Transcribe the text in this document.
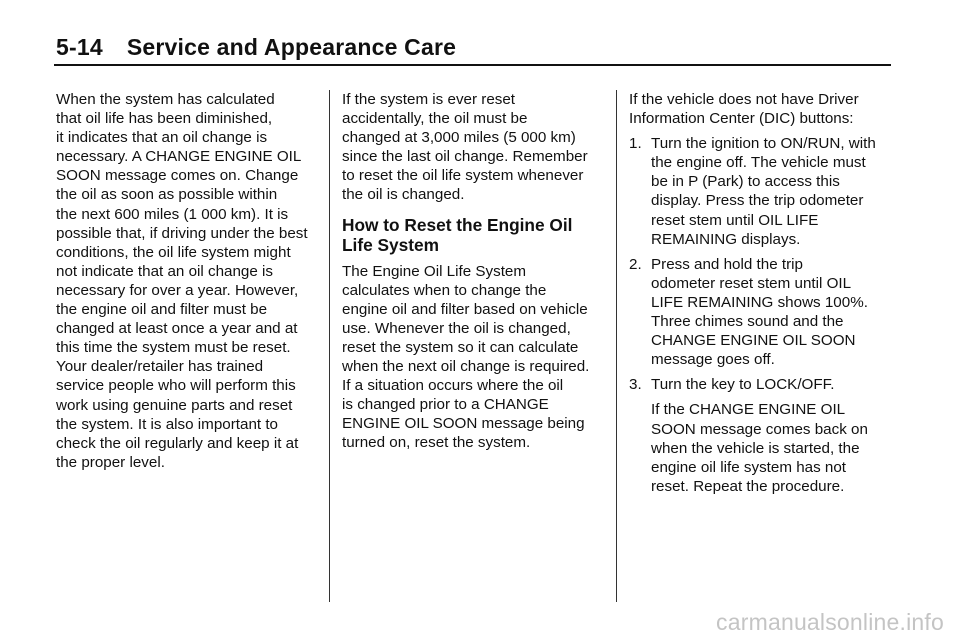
5-14 Service and Appearance Care

When the system has calculated
that oil life has been diminished,
it indicates that an oil change is
necessary. A CHANGE ENGINE OIL
SOON message comes on. Change
the oil as soon as possible within
the next 600 miles (1 000 km). It is
possible that, if driving under the best
conditions, the oil life system might
not indicate that an oil change is
necessary for over a year. However,
the engine oil and filter must be
changed at least once a year and at
this time the system must be reset.
Your dealer/retailer has trained
service people who will perform this
work using genuine parts and reset
the system. It is also important to
check the oil regularly and keep it at
the proper level.

If the system is ever reset
accidentally, the oil must be
changed at 3,000 miles (5 000 km)
since the last oil change. Remember
to reset the oil life system whenever
the oil is changed.

How to Reset the Engine Oil
Life System

The Engine Oil Life System
calculates when to change the
engine oil and filter based on vehicle
use. Whenever the oil is changed,
reset the system so it can calculate
when the next oil change is required.
If a situation occurs where the oil
is changed prior to a CHANGE
ENGINE OIL SOON message being
turned on, reset the system.

If the vehicle does not have Driver
Information Center (DIC) buttons:

1. Turn the ignition to ON/RUN, with
the engine off. The vehicle must
be in P (Park) to access this
display. Press the trip odometer
reset stem until OIL LIFE
REMAINING displays.
2. Press and hold the trip
odometer reset stem until OIL
LIFE REMAINING shows 100%.
Three chimes sound and the
CHANGE ENGINE OIL SOON
message goes off.
3. Turn the key to LOCK/OFF.
If the CHANGE ENGINE OIL
SOON message comes back on
when the vehicle is started, the
engine oil life system has not
reset. Repeat the procedure.
carmanualsonline.info
